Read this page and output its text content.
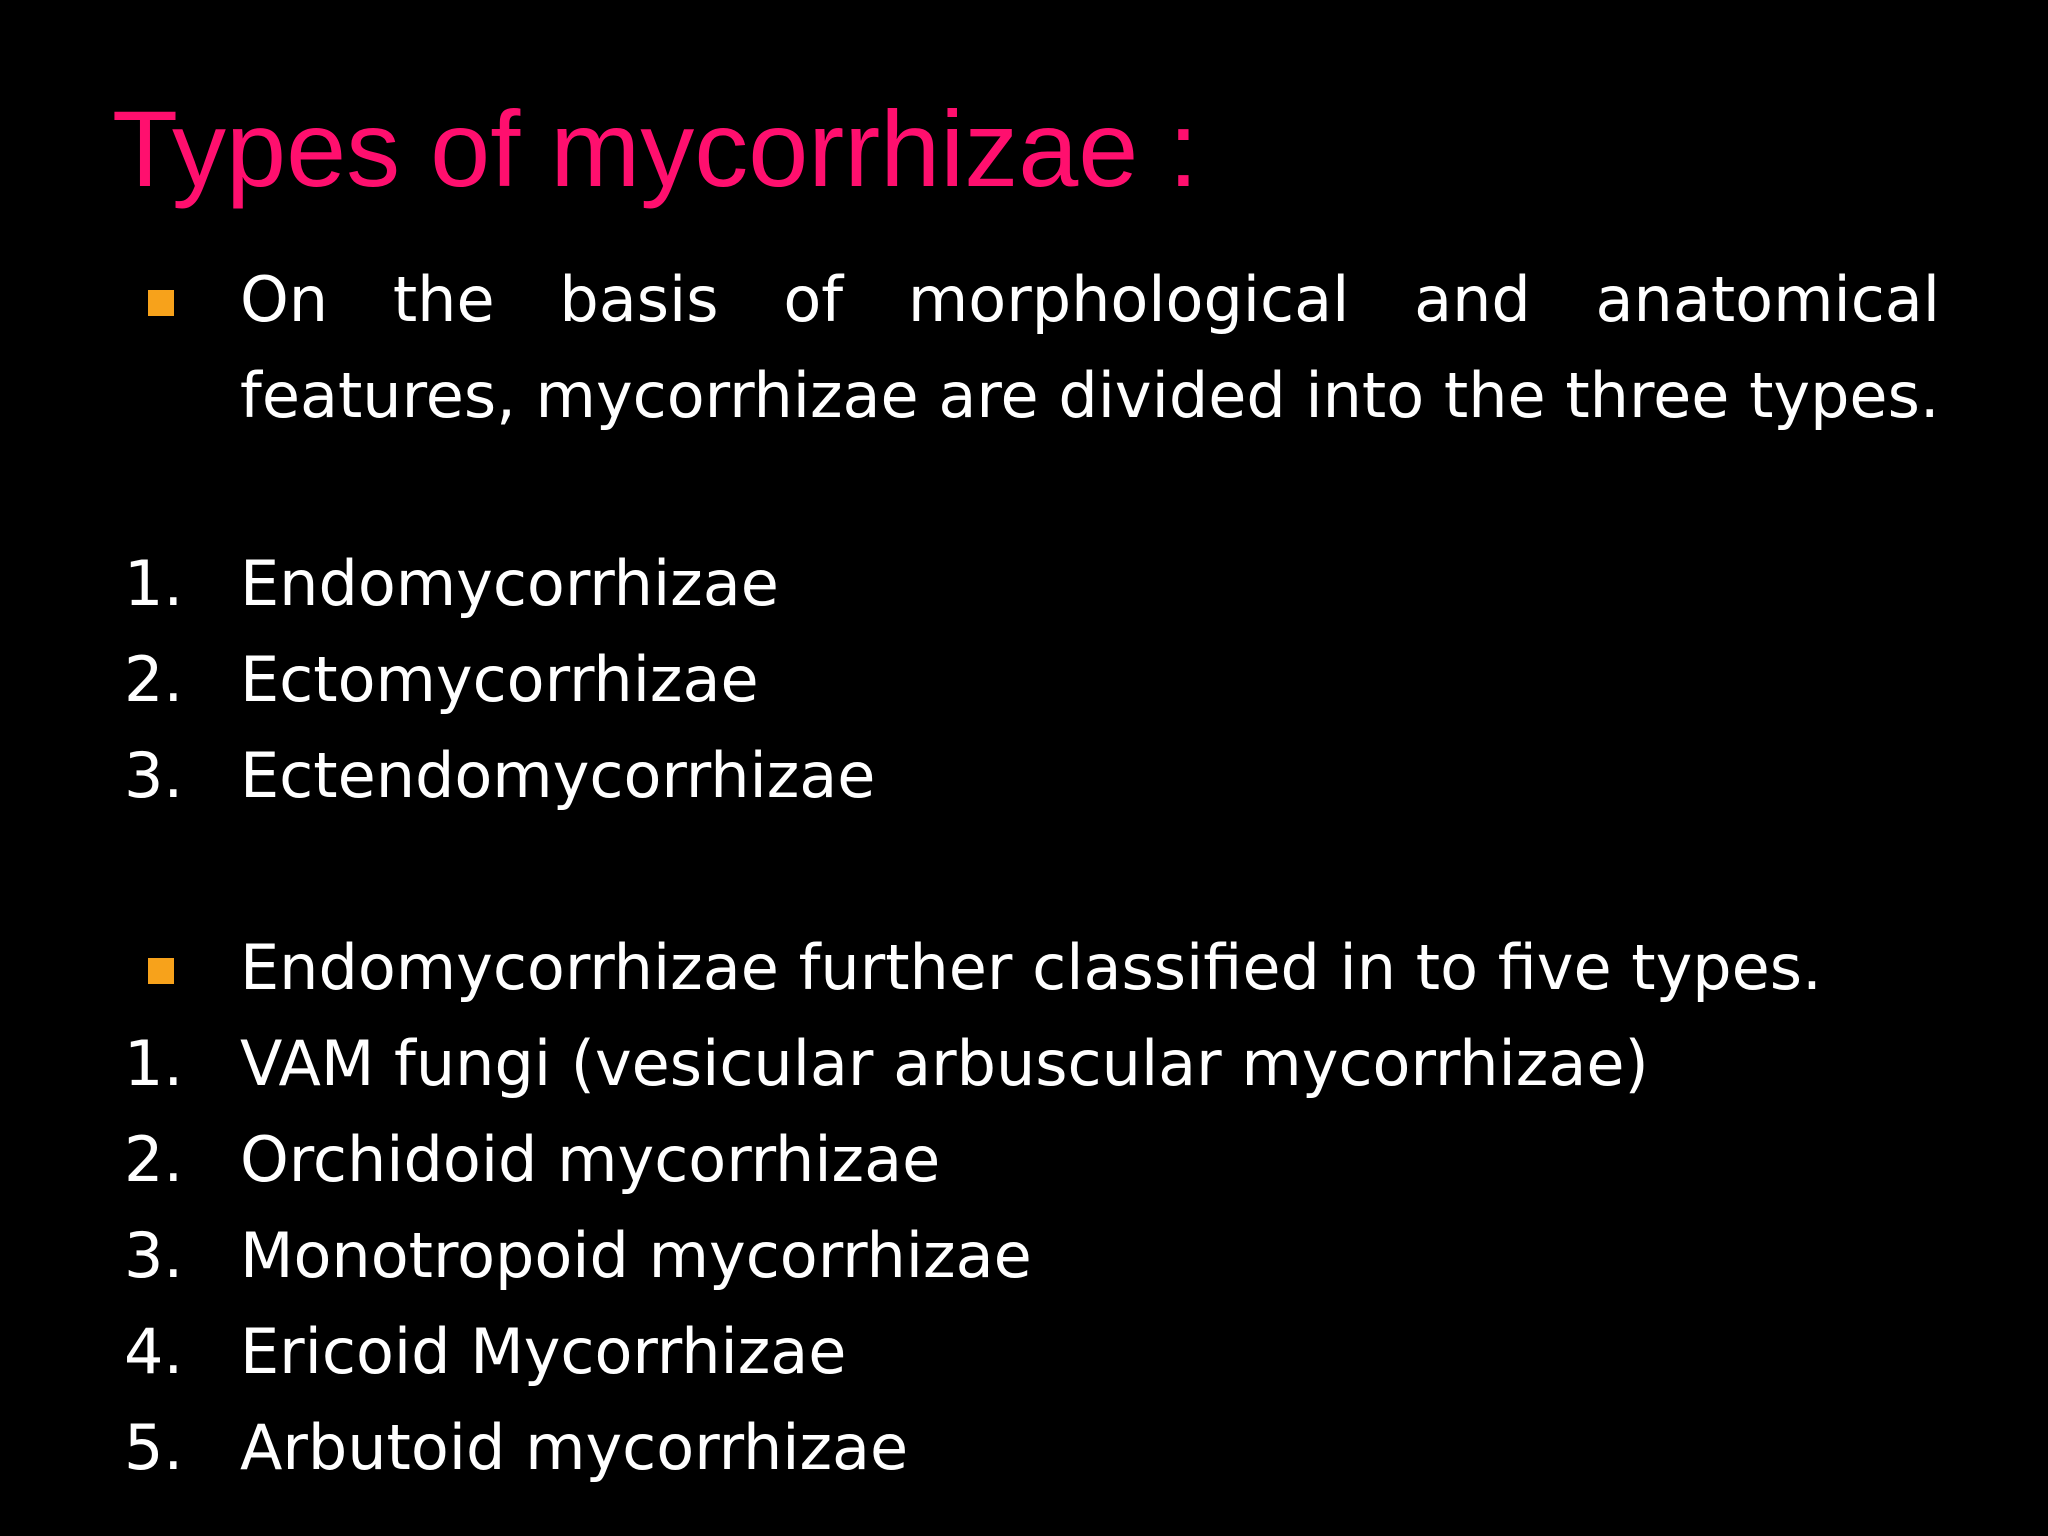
Types of mycorrhizae :
On the basis of morphological and anatomical features, mycorrhizae are divided into the three types.
1. Endomycorrhizae
2. Ectomycorrhizae
3. Ectendomycorrhizae
Endomycorrhizae further classified in to five types.
1. VAM fungi (vesicular arbuscular mycorrhizae)
2. Orchidoid mycorrhizae
3. Monotropoid mycorrhizae
4. Ericoid Mycorrhizae
5. Arbutoid mycorrhizae
